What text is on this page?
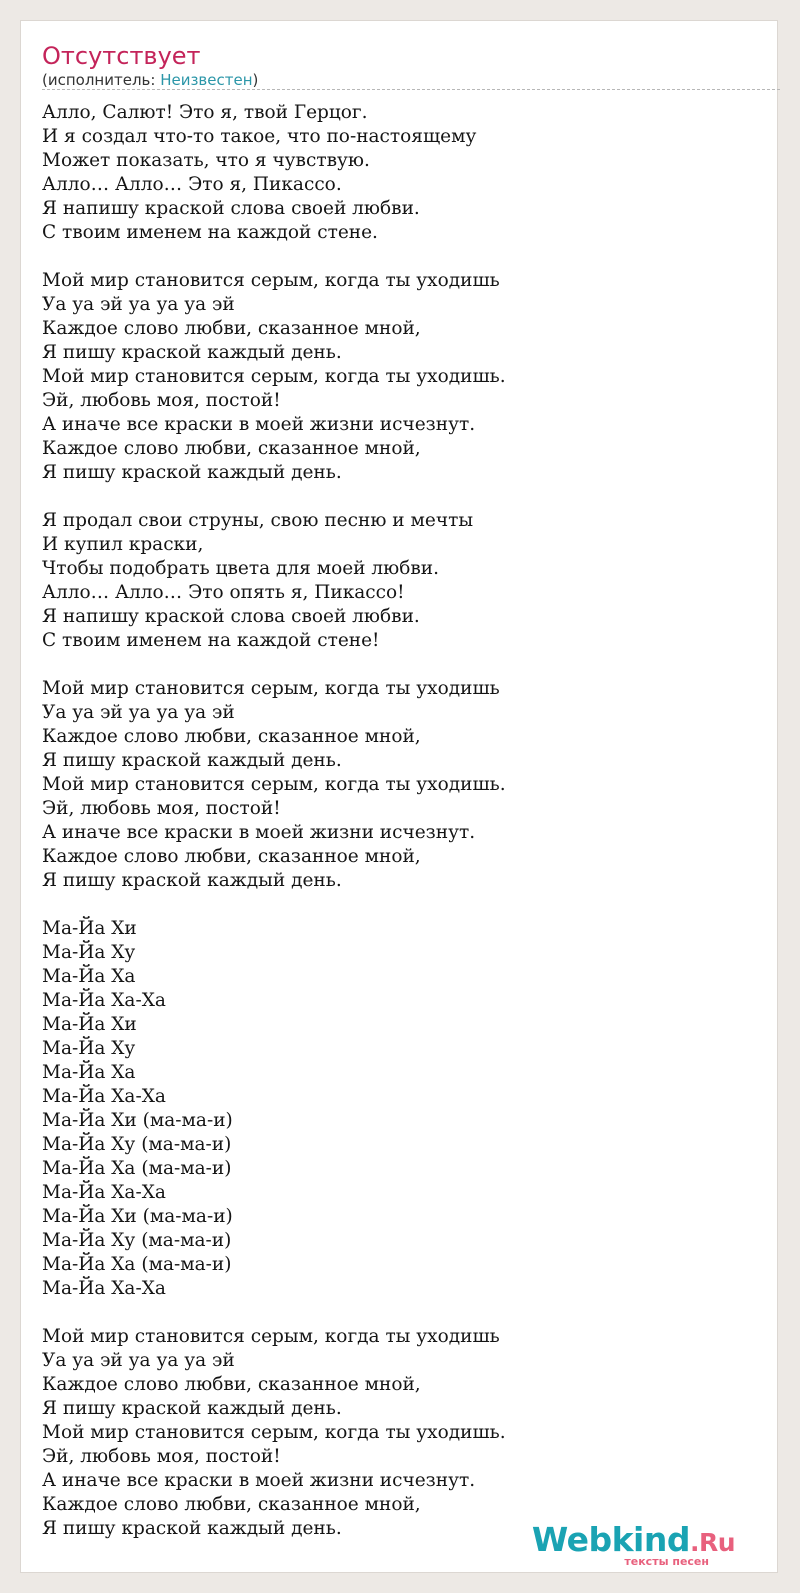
Отсутствует
(исполнитель: Неизвестен)
Алло, Салют! Это я, твой Герцог.
И я создал что-то такое, что по-настоящему
Может показать, что я чувствую.
Алло… Алло… Это я, Пикассо.
Я напишу краской слова своей любви.
С твоим именем на каждой стене.

Мой мир становится серым, когда ты уходишь
Уа уа эй уа уа уа эй
Каждое слово любви, сказанное мной,
Я пишу краской каждый день.
Мой мир становится серым, когда ты уходишь.
Эй, любовь моя, постой!
А иначе все краски в моей жизни исчезнут.
Каждое слово любви, сказанное мной,
Я пишу краской каждый день.

Я продал свои струны, свою песню и мечты
И купил краски,
Чтобы подобрать цвета для моей любви.
Алло… Алло… Это опять я, Пикассо!
Я напишу краской слова своей любви.
С твоим именем на каждой стене!

Мой мир становится серым, когда ты уходишь
Уа уа эй уа уа уа эй
Каждое слово любви, сказанное мной,
Я пишу краской каждый день.
Мой мир становится серым, когда ты уходишь.
Эй, любовь моя, постой!
А иначе все краски в моей жизни исчезнут.
Каждое слово любви, сказанное мной,
Я пишу краской каждый день.

Ма-Йа Хи
Ма-Йа Ху
Ма-Йа Ха
Ма-Йа Ха-Ха
Ма-Йа Хи
Ма-Йа Ху
Ма-Йа Ха
Ма-Йа Ха-Ха
Ма-Йа Хи (ма-ма-и)
Ма-Йа Ху (ма-ма-и)
Ма-Йа Ха (ма-ма-и)
Ма-Йа Ха-Ха
Ма-Йа Хи (ма-ма-и)
Ма-Йа Ху (ма-ма-и)
Ма-Йа Ха (ма-ма-и)
Ма-Йа Ха-Ха

Мой мир становится серым, когда ты уходишь
Уа уа эй уа уа уа эй
Каждое слово любви, сказанное мной,
Я пишу краской каждый день.
Мой мир становится серым, когда ты уходишь.
Эй, любовь моя, постой!
А иначе все краски в моей жизни исчезнут.
Каждое слово любви, сказанное мной,
Я пишу краской каждый день.	Webkind.Ru
тексты песен
